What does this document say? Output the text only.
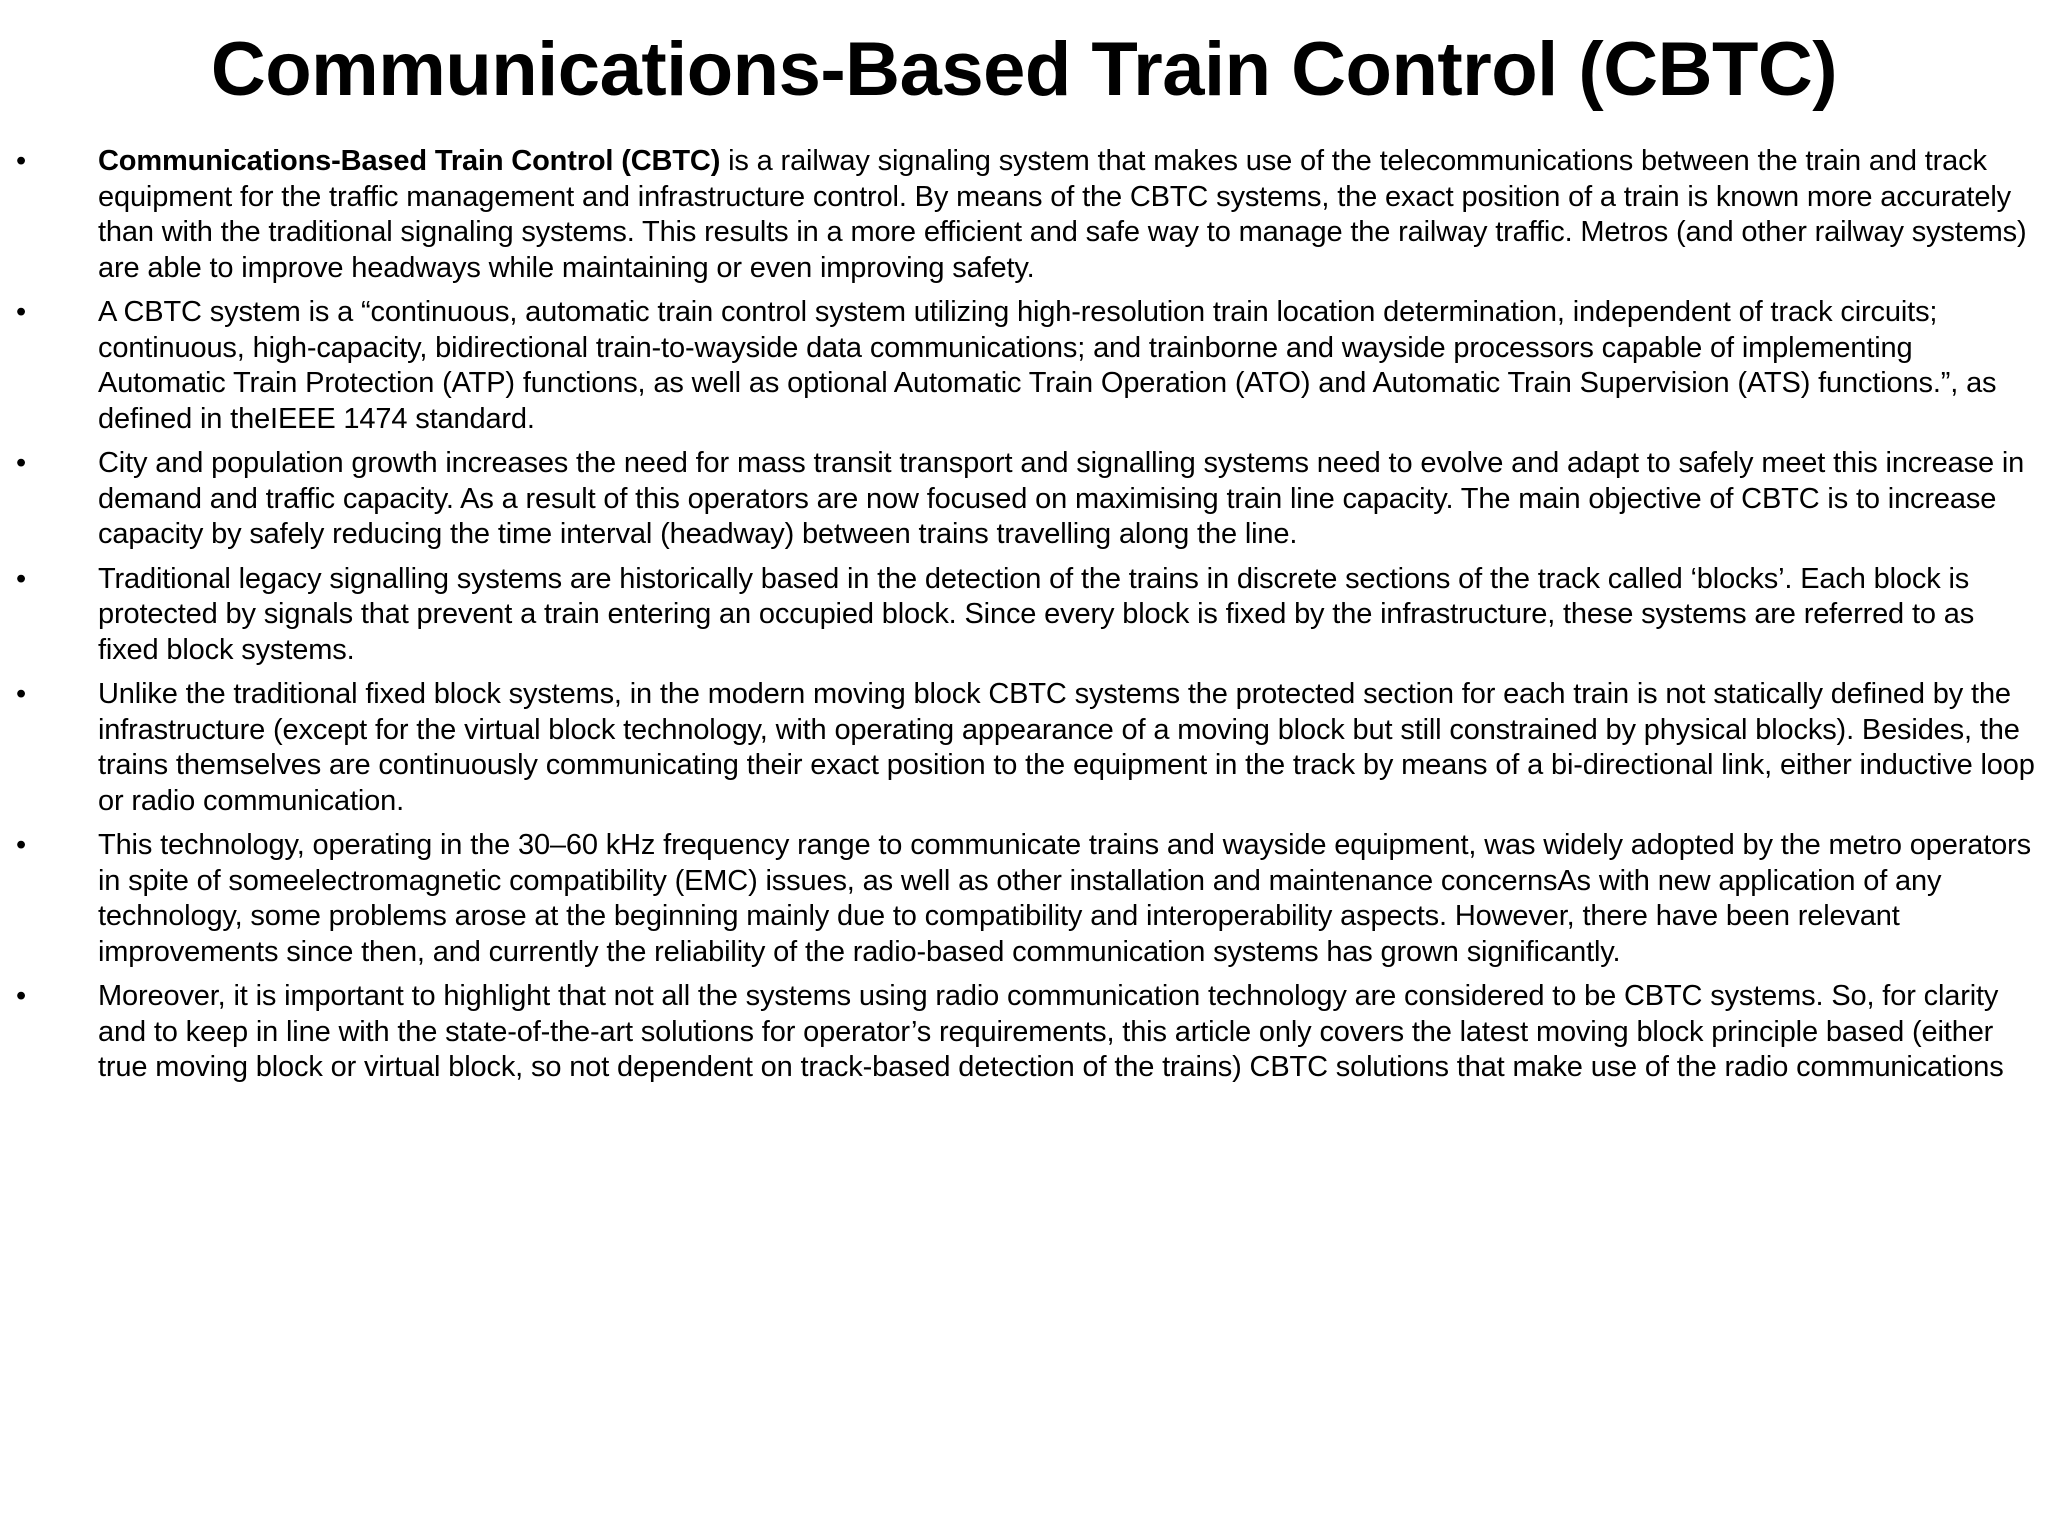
Communications-Based Train Control (CBTC)
•	Communications-Based Train Control (CBTC) is a railway signaling system that makes use of the telecommunications between the train and track equipment for the traffic management and infrastructure control. By means of the CBTC systems, the exact position of a train is known more accurately than with the traditional signaling systems. This results in a more efficient and safe way to manage the railway traffic. Metros (and other railway systems) are able to improve headways while maintaining or even improving safety.
•	A CBTC system is a “continuous, automatic train control system utilizing high-resolution train location determination, independent of track circuits; continuous, high-capacity, bidirectional train-to-wayside data communications; and trainborne and wayside processors capable of implementing Automatic Train Protection (ATP) functions, as well as optional Automatic Train Operation (ATO) and Automatic Train Supervision (ATS) functions.”, as defined in theIEEE 1474 standard.
•	City and population growth increases the need for mass transit transport and signalling systems need to evolve and adapt to safely meet this increase in demand and traffic capacity. As a result of this operators are now focused on maximising train line capacity. The main objective of CBTC is to increase capacity by safely reducing the time interval (headway) between trains travelling along the line.
•	Traditional legacy signalling systems are historically based in the detection of the trains in discrete sections of the track called ‘blocks’. Each block is protected by signals that prevent a train entering an occupied block. Since every block is fixed by the infrastructure, these systems are referred to as fixed block systems.
•	Unlike the traditional fixed block systems, in the modern moving block CBTC systems the protected section for each train is not statically defined by the infrastructure (except for the virtual block technology, with operating appearance of a moving block but still constrained by physical blocks). Besides, the trains themselves are continuously communicating their exact position to the equipment in the track by means of a bi-directional link, either inductive loop or radio communication.
•	This technology, operating in the 30–60 kHz frequency range to communicate trains and wayside equipment, was widely adopted by the metro operators in spite of someelectromagnetic compatibility (EMC) issues, as well as other installation and maintenance concernsAs with new application of any technology, some problems arose at the beginning mainly due to compatibility and interoperability aspects. However, there have been relevant improvements since then, and currently the reliability of the radio-based communication systems has grown significantly.
•	Moreover, it is important to highlight that not all the systems using radio communication technology are considered to be CBTC systems. So, for clarity and to keep in line with the state-of-the-art solutions for operator’s requirements, this article only covers the latest moving block principle based (either true moving block or virtual block, so not dependent on track-based detection of the trains) CBTC solutions that make use of the radio communications
